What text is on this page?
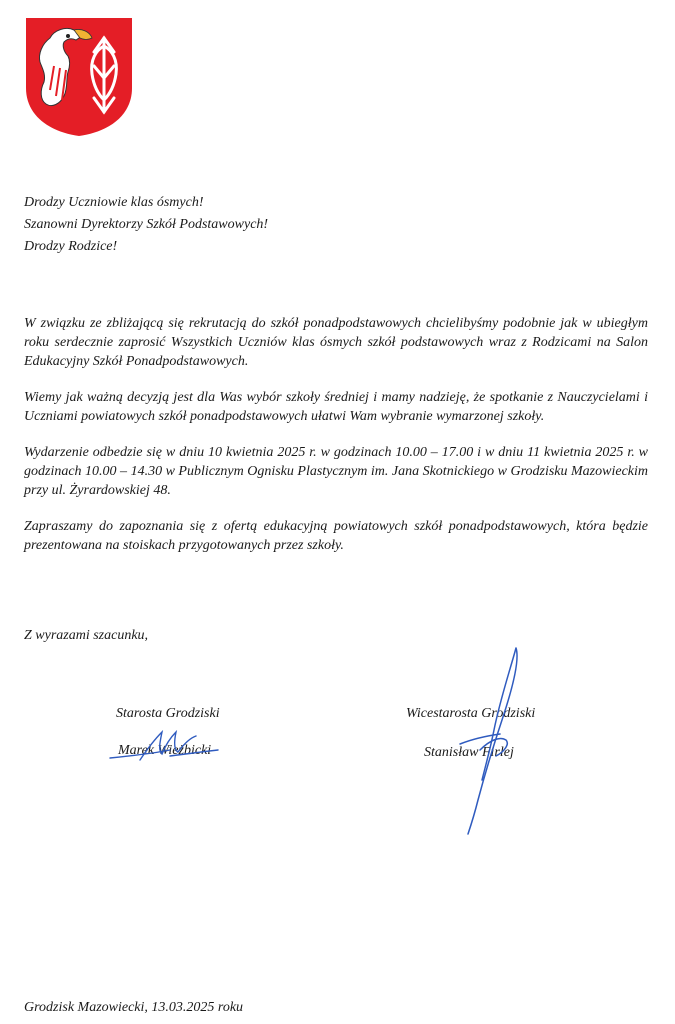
Drodzy Uczniowie klas ósmych!
Szanowni Dyrektorzy Szkół Podstawowych!
Drodzy Rodzice!

W związku ze zbliżającą się rekrutacją do szkół ponadpodstawowych chcielibyśmy podobnie jak w ubiegłym roku serdecznie zaprosić Wszystkich Uczniów klas ósmych szkół podstawowych wraz z Rodzicami na Salon Edukacyjny Szkół Ponadpodstawowych.

Wiemy jak ważną decyzją jest dla Was wybór szkoły średniej i mamy nadzieję, że spotkanie z Nauczycielami i Uczniami powiatowych szkół ponadpodstawowych ułatwi Wam wybranie wymarzonej szkoły.

Wydarzenie odbedzie się w dniu 10 kwietnia 2025 r. w godzinach 10.00 – 17.00 i w dniu 11 kwietnia 2025 r. w godzinach 10.00 – 14.30 w Publicznym Ognisku Plastycznym im. Jana Skotnickiego w Grodzisku Mazowieckim przy ul. Żyrardowskiej 48.

Zapraszamy do zapoznania się z ofertą edukacyjną powiatowych szkół ponadpodstawowych, która będzie prezentowana na stoiskach przygotowanych przez szkoły.

Z wyrazami szacunku,
Starosta Grodziski
Marek Wieżbicki
Wicestarosta Grodziski
Stanisław Firlej
Grodzisk Mazowiecki, 13.03.2025 roku
